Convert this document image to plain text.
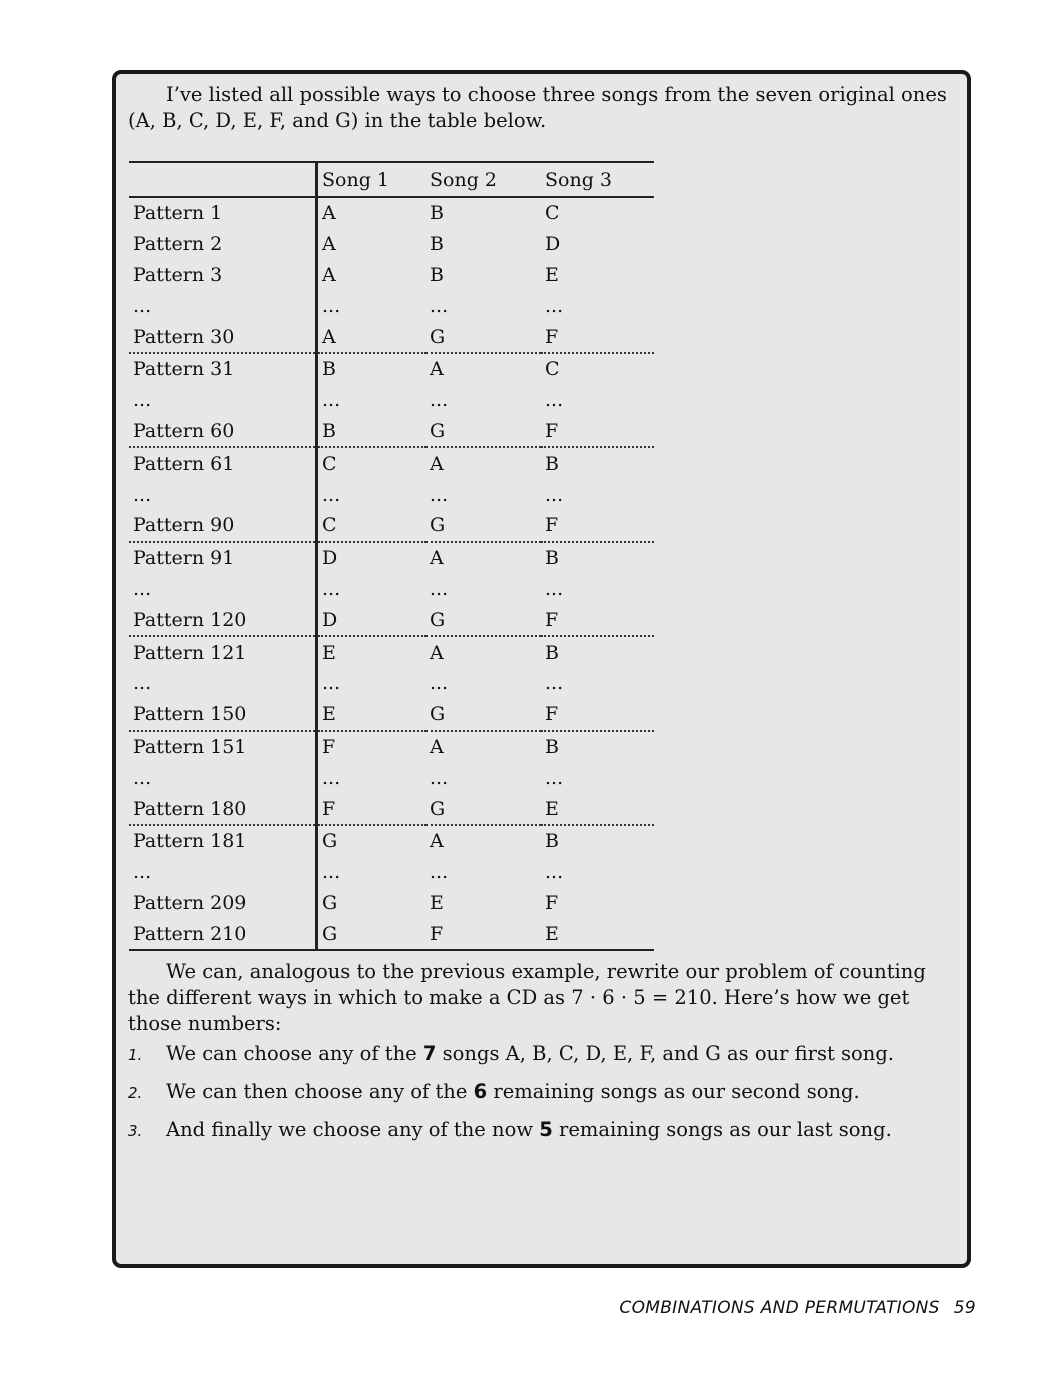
I’ve listed all possible ways to choose three songs from the seven original ones (A, B, C, D, E, F, and G) in the table below.

	Song 1	Song 2	Song 3
Pattern 1	A	B	C
Pattern 2	A	B	D
Pattern 3	A	B	E
...	...	...	...
Pattern 30	A	G	F
Pattern 31	B	A	C
...	...	...	...
Pattern 60	B	G	F
Pattern 61	C	A	B
...	...	...	...
Pattern 90	C	G	F
Pattern 91	D	A	B
...	...	...	...
Pattern 120	D	G	F
Pattern 121	E	A	B
...	...	...	...
Pattern 150	E	G	F
Pattern 151	F	A	B
...	...	...	...
Pattern 180	F	G	E
Pattern 181	G	A	B
...	...	...	...
Pattern 209	G	E	F
Pattern 210	G	F	E

We can, analogous to the previous example, rewrite our problem of counting the different ways in which to make a CD as 7 · 6 · 5 = 210. Here’s how we get those numbers:

1. We can choose any of the 7 songs A, B, C, D, E, F, and G as our first song.
2. We can then choose any of the 6 remaining songs as our second song.
3. And finally we choose any of the now 5 remaining songs as our last song.
COMBINATIONS AND PERMUTATIONS 59
